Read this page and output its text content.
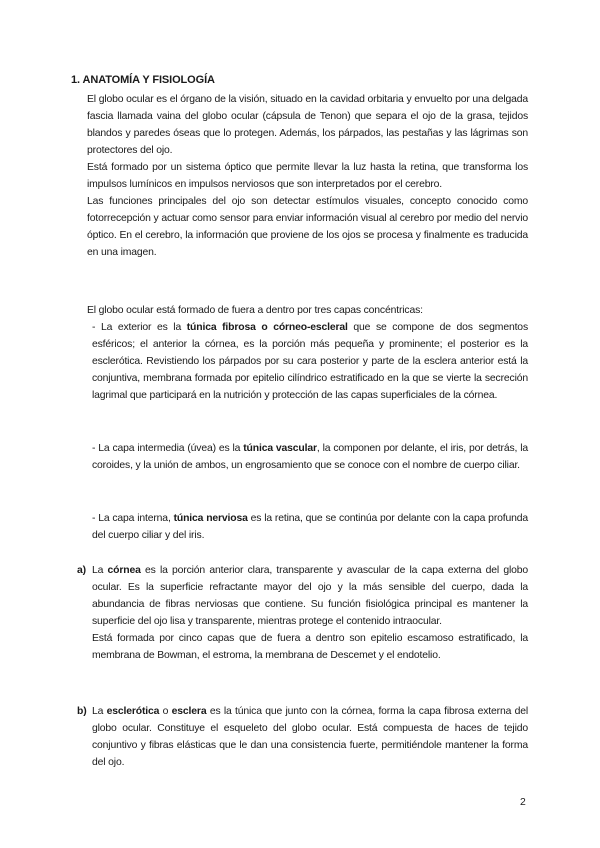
1. ANATOMÍA Y FISIOLOGÍA

El globo ocular es el órgano de la visión, situado en la cavidad orbitaria y envuelto por una delgada fascia llamada vaina del globo ocular (cápsula de Tenon) que separa el ojo de la grasa, tejidos blandos y paredes óseas que lo protegen. Además, los párpados, las pestañas y las lágrimas son protectores del ojo.

Está formado por un sistema óptico que permite llevar la luz hasta la retina, que transforma los impulsos lumínicos en impulsos nerviosos que son interpretados por el cerebro.

Las funciones principales del ojo son detectar estímulos visuales, concepto conocido como fotorrecepción y actuar como sensor para enviar información visual al cerebro por medio del nervio óptico. En el cerebro, la información que proviene de los ojos se procesa y finalmente es traducida en una imagen.

El globo ocular está formado de fuera a dentro por tres capas concéntricas:
- La exterior es la túnica fibrosa o córneo-escleral que se compone de dos segmentos esféricos; el anterior la córnea, es la porción más pequeña y prominente; el posterior es la esclerótica. Revistiendo los párpados por su cara posterior y parte de la esclera anterior está la conjuntiva, membrana formada por epitelio cilíndrico estratificado en la que se vierte la secreción lagrimal que participará en la nutrición y protección de las capas superficiales de la córnea.
- La capa intermedia (úvea) es la túnica vascular, la componen por delante, el iris, por detrás, la coroides, y la unión de ambos, un engrosamiento que se conoce con el nombre de cuerpo ciliar.
- La capa interna, túnica nerviosa es la retina, que se continúa por delante con la capa profunda del cuerpo ciliar y del iris.
a) La córnea es la porción anterior clara, transparente y avascular de la capa externa del globo ocular. Es la superficie refractante mayor del ojo y la más sensible del cuerpo, dada la abundancia de fibras nerviosas que contiene. Su función fisiológica principal es mantener la superficie del ojo lisa y transparente, mientras protege el contenido intraocular.

Está formada por cinco capas que de fuera a dentro son epitelio escamoso estratificado, la membrana de Bowman, el estroma, la membrana de Descemet y el endotelio.

b) La esclerótica o esclera es la túnica que junto con la córnea, forma la capa fibrosa externa del globo ocular. Constituye el esqueleto del globo ocular. Está compuesta de haces de tejido conjuntivo y fibras elásticas que le dan una consistencia fuerte, permitiéndole mantener la forma del ojo.

2
